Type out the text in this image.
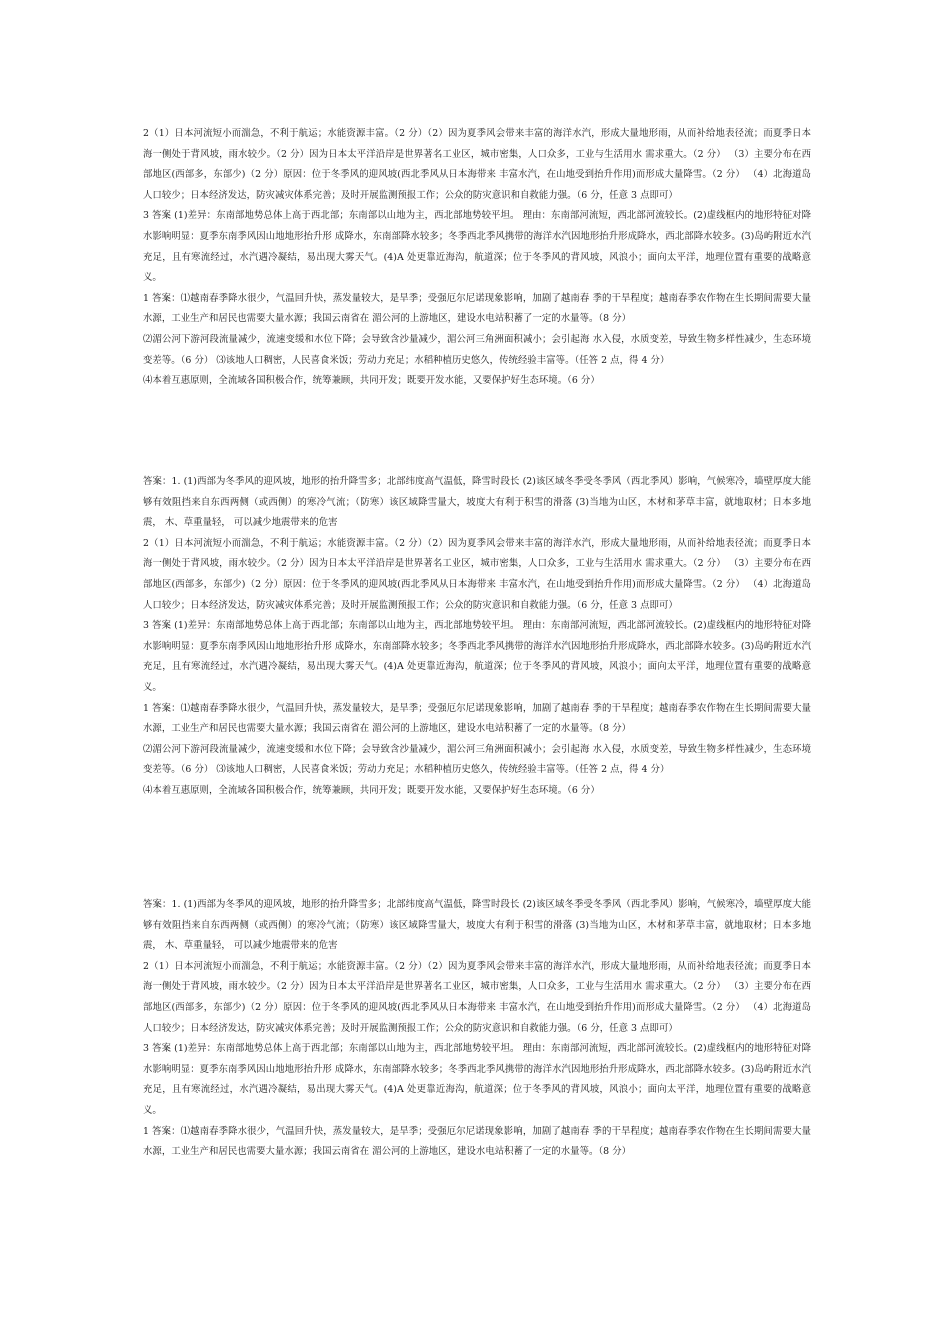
2（1）日本河流短小而湍急，不利于航运；水能资源丰富。（2 分）（2）因为夏季风会带来丰富的海洋水汽，形成大量地形雨，从而补给地表径流；而夏季日本海一侧处于背风坡，雨水较少。（2 分）因为日本太平洋沿岸是世界著名工业区，城市密集，人口众多，工业与生活用水 需求重大。（2 分） （3）主要分布在西部地区(西部多，东部少)（2 分）原因：位于冬季风的迎风坡(西北季风从日本海带来 丰富水汽，在山地受到抬升作用)而形成大量降雪。（2 分） （4）北海道岛人口较少；日本经济发达，防灾减灾体系完善；及时开展监测预报工作；公众的防灾意识和自救能力强。（6 分，任意 3 点即可）

3 答案 (1)差异：东南部地势总体上高于西北部；东南部以山地为主，西北部地势较平坦。 理由：东南部河流短，西北部河流较长。(2)虚线框内的地形特征对降水影响明显：夏季东南季风因山地地形抬升形 成降水，东南部降水较多；冬季西北季风携带的海洋水汽因地形抬升形成降水，西北部降水较多。(3)岛屿附近水汽充足，且有寒流经过，水汽遇冷凝结，易出现大雾天气。(4)A 处更靠近海沟，航道深；位于冬季风的背风坡，风浪小；面向太平洋，地理位置有重要的战略意义。

1 答案：⑴越南春季降水很少，气温回升快，蒸发量较大，是旱季；受强厄尔尼诺现象影响，加剧了越南春 季的干旱程度；越南春季农作物在生长期间需要大量水源，工业生产和居民也需要大量水源；我国云南省在 湄公河的上游地区，建设水电站积蓄了一定的水量等。（8 分）

⑵湄公河下游河段流量减少，流速变缓和水位下降；会导致含沙量减少，湄公河三角洲面积减小；会引起海 水入侵，水质变差，导致生物多样性减少，生态环境变差等。（6 分） ⑶该地人口稠密，人民喜食米饭；劳动力充足；水稻种植历史悠久，传统经验丰富等。（任答 2 点，得 4 分）

⑷本着互惠原则，全流域各国积极合作，统筹兼顾，共同开发；既要开发水能，又要保护好生态环境。（6 分）

答案：1. (1)西部为冬季风的迎风坡，地形的抬升降雪多；北部纬度高气温低，降雪时段长 (2)该区域冬季受冬季风（西北季风）影响，气候寒冷，墙壁厚度大能够有效阻挡来自东西两侧（或西侧）的寒冷气流；（防寒）该区域降雪量大，坡度大有利于积雪的滑落 (3)当地为山区，木材和茅草丰富，就地取材；日本多地震， 木、草重量轻， 可以减少地震带来的危害

2（1）日本河流短小而湍急，不利于航运；水能资源丰富。（2 分）（2）因为夏季风会带来丰富的海洋水汽，形成大量地形雨，从而补给地表径流；而夏季日本海一侧处于背风坡，雨水较少。（2 分）因为日本太平洋沿岸是世界著名工业区，城市密集，人口众多，工业与生活用水 需求重大。（2 分） （3）主要分布在西部地区(西部多，东部少)（2 分）原因：位于冬季风的迎风坡(西北季风从日本海带来 丰富水汽，在山地受到抬升作用)而形成大量降雪。（2 分） （4）北海道岛人口较少；日本经济发达，防灾减灾体系完善；及时开展监测预报工作；公众的防灾意识和自救能力强。（6 分，任意 3 点即可）

3 答案 (1)差异：东南部地势总体上高于西北部；东南部以山地为主，西北部地势较平坦。 理由：东南部河流短，西北部河流较长。(2)虚线框内的地形特征对降水影响明显：夏季东南季风因山地地形抬升形 成降水，东南部降水较多；冬季西北季风携带的海洋水汽因地形抬升形成降水，西北部降水较多。(3)岛屿附近水汽充足，且有寒流经过，水汽遇冷凝结，易出现大雾天气。(4)A 处更靠近海沟，航道深；位于冬季风的背风坡，风浪小；面向太平洋，地理位置有重要的战略意义。

1 答案：⑴越南春季降水很少，气温回升快，蒸发量较大，是旱季；受强厄尔尼诺现象影响，加剧了越南春 季的干旱程度；越南春季农作物在生长期间需要大量水源，工业生产和居民也需要大量水源；我国云南省在 湄公河的上游地区，建设水电站积蓄了一定的水量等。（8 分）

⑵湄公河下游河段流量减少，流速变缓和水位下降；会导致含沙量减少，湄公河三角洲面积减小；会引起海 水入侵，水质变差，导致生物多样性减少，生态环境变差等。（6 分） ⑶该地人口稠密，人民喜食米饭；劳动力充足；水稻种植历史悠久，传统经验丰富等。（任答 2 点，得 4 分）

⑷本着互惠原则，全流域各国积极合作，统筹兼顾，共同开发；既要开发水能，又要保护好生态环境。（6 分）

答案：1. (1)西部为冬季风的迎风坡，地形的抬升降雪多；北部纬度高气温低，降雪时段长 (2)该区域冬季受冬季风（西北季风）影响，气候寒冷，墙壁厚度大能够有效阻挡来自东西两侧（或西侧）的寒冷气流；（防寒）该区域降雪量大，坡度大有利于积雪的滑落 (3)当地为山区，木材和茅草丰富，就地取材；日本多地震， 木、草重量轻， 可以减少地震带来的危害

2（1）日本河流短小而湍急，不利于航运；水能资源丰富。（2 分）（2）因为夏季风会带来丰富的海洋水汽，形成大量地形雨，从而补给地表径流；而夏季日本海一侧处于背风坡，雨水较少。（2 分）因为日本太平洋沿岸是世界著名工业区，城市密集，人口众多，工业与生活用水 需求重大。（2 分） （3）主要分布在西部地区(西部多，东部少)（2 分）原因：位于冬季风的迎风坡(西北季风从日本海带来 丰富水汽，在山地受到抬升作用)而形成大量降雪。（2 分） （4）北海道岛人口较少；日本经济发达，防灾减灾体系完善；及时开展监测预报工作；公众的防灾意识和自救能力强。（6 分，任意 3 点即可）

3 答案 (1)差异：东南部地势总体上高于西北部；东南部以山地为主，西北部地势较平坦。 理由：东南部河流短，西北部河流较长。(2)虚线框内的地形特征对降水影响明显：夏季东南季风因山地地形抬升形 成降水，东南部降水较多；冬季西北季风携带的海洋水汽因地形抬升形成降水，西北部降水较多。(3)岛屿附近水汽充足，且有寒流经过，水汽遇冷凝结，易出现大雾天气。(4)A 处更靠近海沟，航道深；位于冬季风的背风坡，风浪小；面向太平洋，地理位置有重要的战略意义。

1 答案：⑴越南春季降水很少，气温回升快，蒸发量较大，是旱季；受强厄尔尼诺现象影响，加剧了越南春 季的干旱程度；越南春季农作物在生长期间需要大量水源，工业生产和居民也需要大量水源；我国云南省在 湄公河的上游地区，建设水电站积蓄了一定的水量等。（8 分）
